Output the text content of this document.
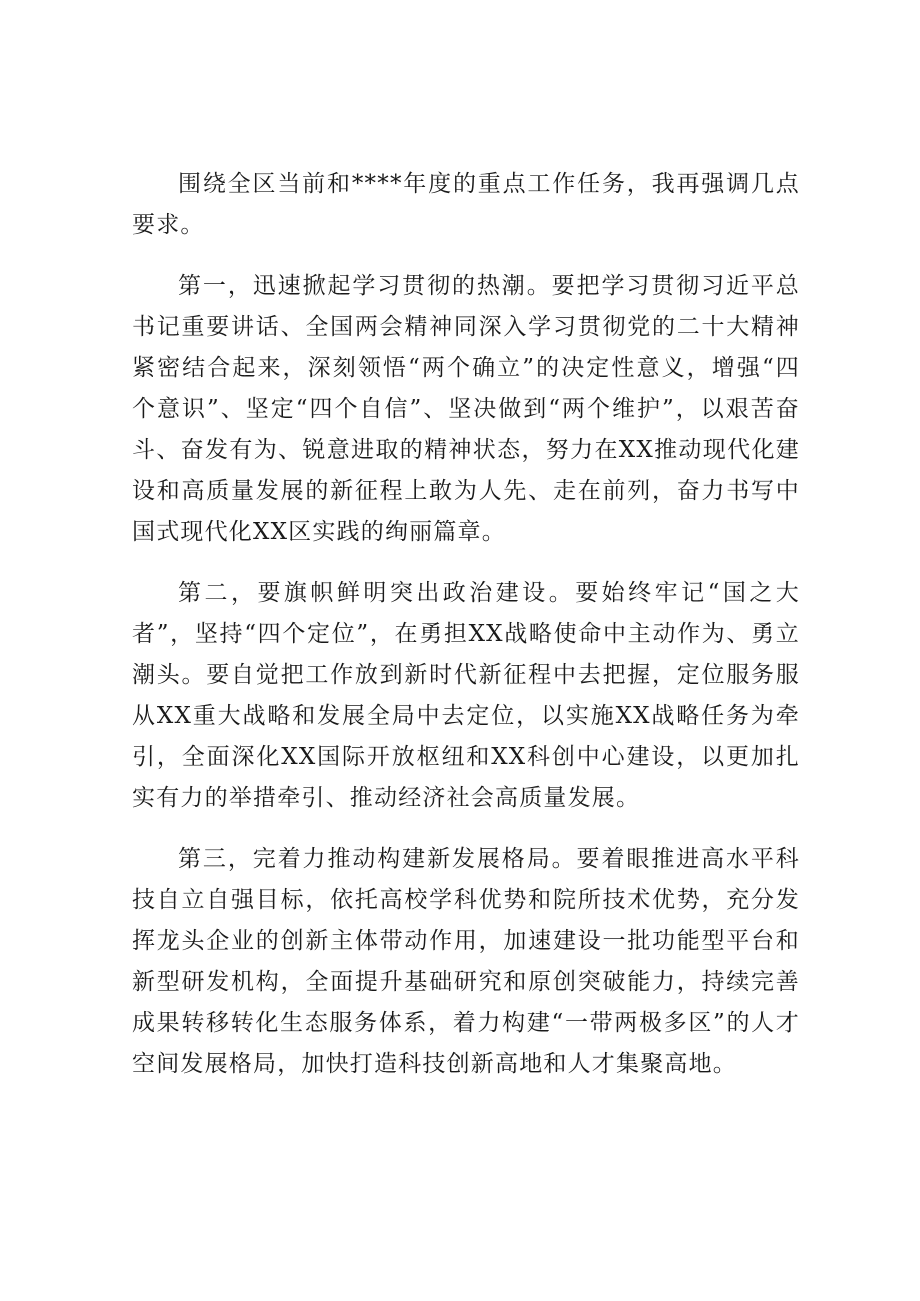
围绕全区当前和****年度的重点工作任务，我再强调几点要求。

第一，迅速掀起学习贯彻的热潮。要把学习贯彻习近平总书记重要讲话、全国两会精神同深入学习贯彻党的二十大精神紧密结合起来，深刻领悟“两个确立”的决定性意义，增强“四个意识”、坚定“四个自信”、坚决做到“两个维护”，以艰苦奋斗、奋发有为、锐意进取的精神状态，努力在XX推动现代化建设和高质量发展的新征程上敢为人先、走在前列，奋力书写中国式现代化XX区实践的绚丽篇章。

第二，要旗帜鲜明突出政治建设。要始终牢记“国之大者”，坚持“四个定位”，在勇担XX战略使命中主动作为、勇立潮头。要自觉把工作放到新时代新征程中去把握，定位服务服从XX重大战略和发展全局中去定位，以实施XX战略任务为牵引，全面深化XX国际开放枢纽和XX科创中心建设，以更加扎实有力的举措牵引、推动经济社会高质量发展。

第三，完着力推动构建新发展格局。要着眼推进高水平科技自立自强目标，依托高校学科优势和院所技术优势，充分发挥龙头企业的创新主体带动作用，加速建设一批功能型平台和新型研发机构，全面提升基础研究和原创突破能力，持续完善成果转移转化生态服务体系，着力构建“一带两极多区”的人才空间发展格局，加快打造科技创新高地和人才集聚高地。
